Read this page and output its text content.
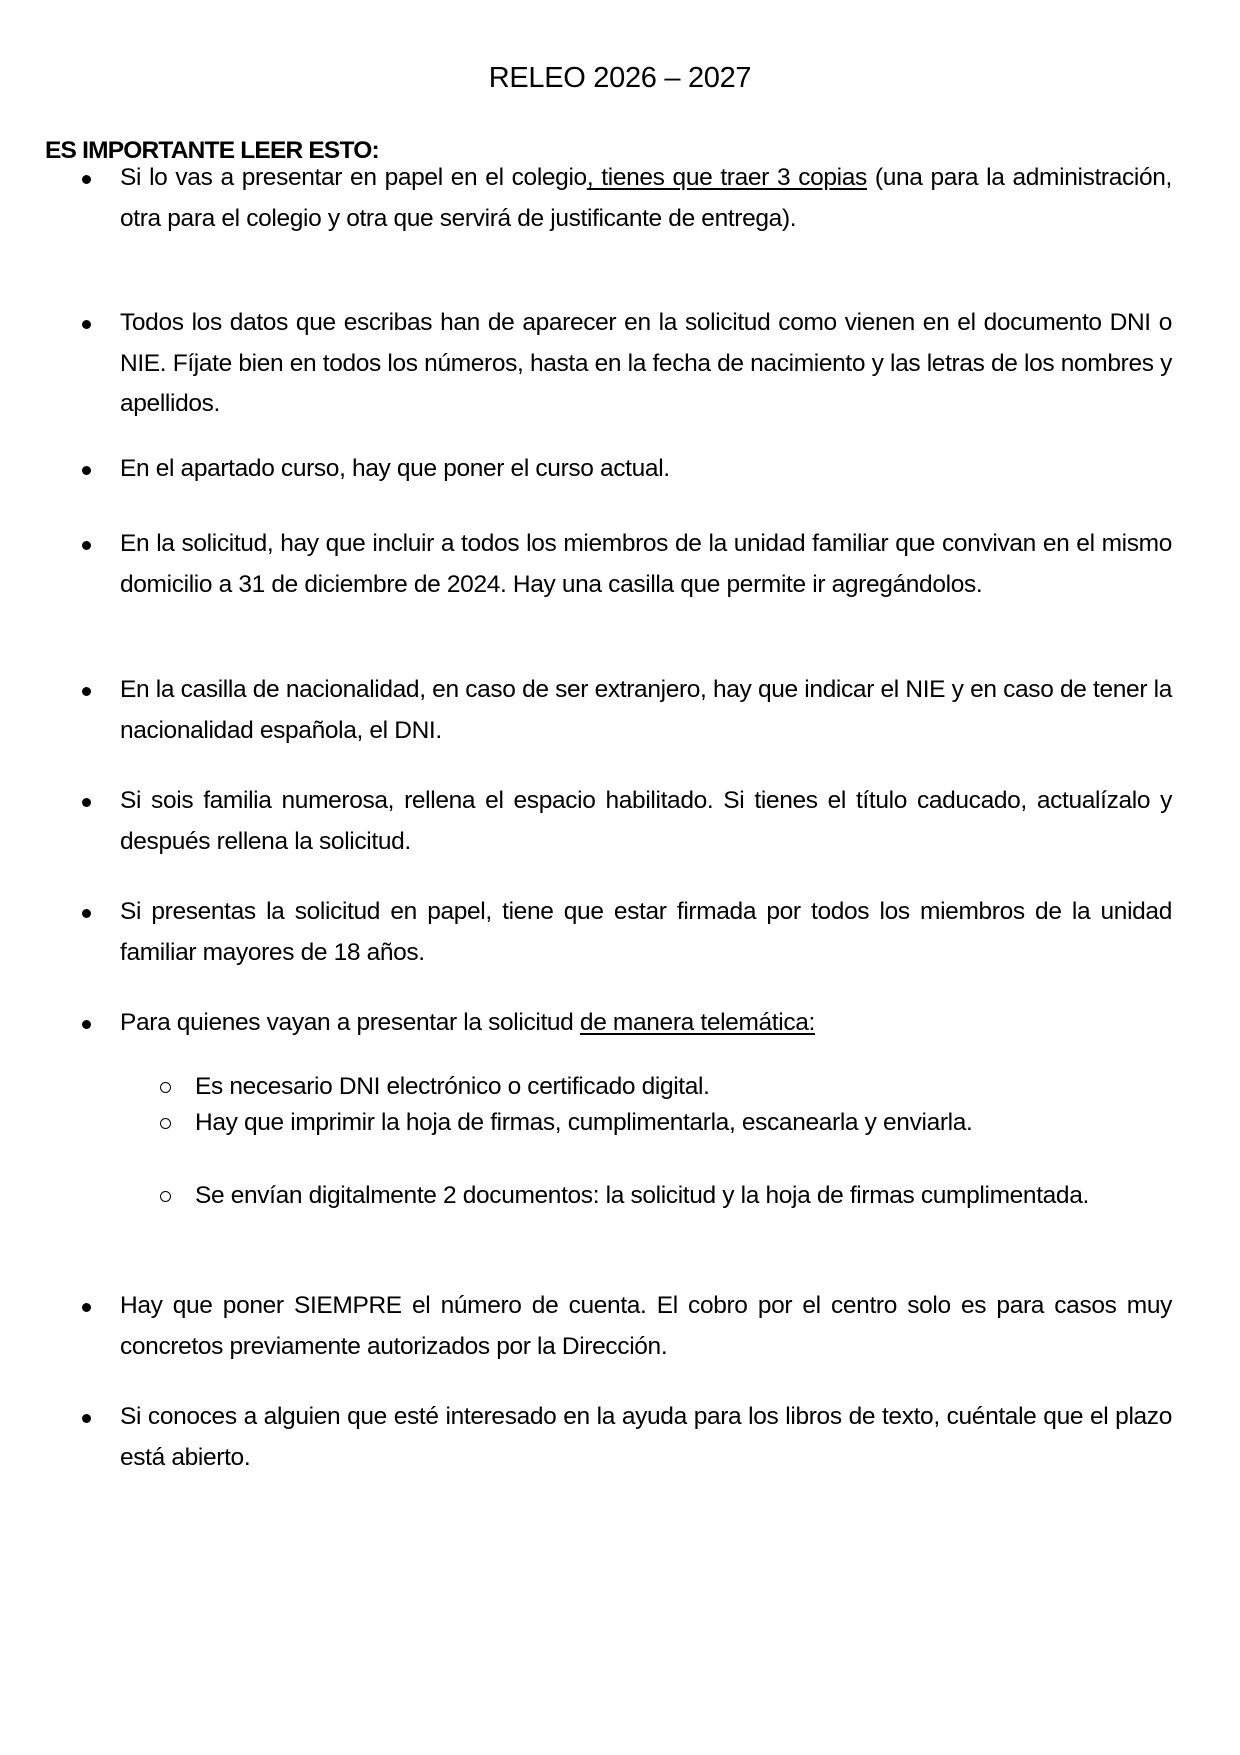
RELEO 2026 – 2027
ES IMPORTANTE LEER ESTO:
Si lo vas a presentar en papel en el colegio, tienes que traer 3 copias (una para la administración, otra para el colegio y otra que servirá de justificante de entrega).
Todos los datos que escribas han de aparecer en la solicitud como vienen en el documento DNI o NIE. Fíjate bien en todos los números, hasta en la fecha de nacimiento y las letras de los nombres y apellidos.
En el apartado curso, hay que poner el curso actual.
En la solicitud, hay que incluir a todos los miembros de la unidad familiar que convivan en el mismo domicilio a 31 de diciembre de 2024. Hay una casilla que permite ir agregándolos.
En la casilla de nacionalidad, en caso de ser extranjero, hay que indicar el NIE y en caso de tener la nacionalidad española, el DNI.
Si sois familia numerosa, rellena el espacio habilitado. Si tienes el título caducado, actualízalo y después rellena la solicitud.
Si presentas la solicitud en papel, tiene que estar firmada por todos los miembros de la unidad familiar mayores de 18 años.
Para quienes vayan a presentar la solicitud de manera telemática:
Es necesario DNI electrónico o certificado digital.
Hay que imprimir la hoja de firmas, cumplimentarla, escanearla y enviarla.
Se envían digitalmente 2 documentos: la solicitud y la hoja de firmas cumplimentada.
Hay que poner SIEMPRE el número de cuenta. El cobro por el centro solo es para casos muy concretos previamente autorizados por la Dirección.
Si conoces a alguien que esté interesado en la ayuda para los libros de texto, cuéntale que el plazo está abierto.
